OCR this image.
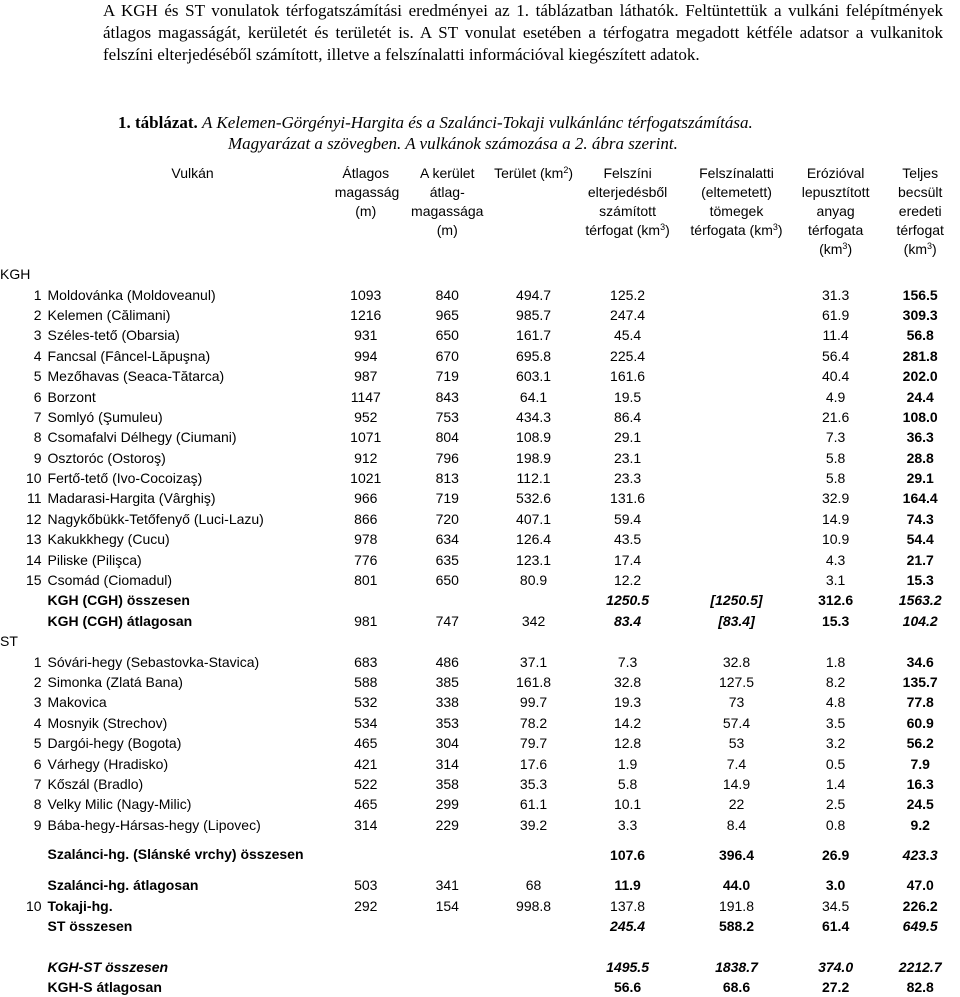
A KGH és ST vonulatok térfogatszámítási eredményei az 1. táblázatban láthatók. Feltüntettük a vulkáni felépítmények átlagos magasságát, kerületét és területét is. A ST vonulat esetében a térfogatra megadott kétféle adatsor a vulkanitok felszíni elterjedéséből számított, illetve a felszínalatti információval kiegészített adatok.

1. táblázat. A Kelemen-Görgényi-Hargita és a Szalánci-Tokaji vulkánlánc térfogatszámítása.
Magyarázat a szövegben. A vulkánok számozása a 2. ábra szerint.
Vulkán		Átlagos magasság (m)	A kerület átlag-magassága (m)	Terület $(km^2)$	Felszíni elterjedésből számított térfogat $(km^3)$	Felszínalatti (eltemetett) tömegek térfogata $(km^3)$	Erózióval lepusztított anyag térfogata $(km^3)$	Teljes becsült eredeti térfogat $(km^3)$

KGH								
1	Moldovánka (Moldoveanul)	1093	840	494.7	125.2		31.3	156.5
2	Kelemen (Călimani)	1216	965	985.7	247.4		61.9	309.3
3	Széles-tető (Obarsia)	931	650	161.7	45.4		11.4	56.8
4	Fancsal (Fâncel-Lăpuşna)	994	670	695.8	225.4		56.4	281.8
5	Mezőhavas (Seaca-Tătarca)	987	719	603.1	161.6		40.4	202.0
6	Borzont	1147	843	64.1	19.5		4.9	24.4
7	Somlyó (Şumuleu)	952	753	434.3	86.4		21.6	108.0
8	Csomafalvi Délhegy (Ciumani)	1071	804	108.9	29.1		7.3	36.3
9	Osztoróc (Ostoroş)	912	796	198.9	23.1		5.8	28.8
10	Fertő-tető (Ivo-Cocoizaş)	1021	813	112.1	23.3		5.8	29.1
11	Madarasi-Hargita (Vârghiş)	966	719	532.6	131.6		32.9	164.4
12	Nagykőbükk-Tetőfenyő (Luci-Lazu)	866	720	407.1	59.4		14.9	74.3
13	Kakukkhegy (Cucu)	978	634	126.4	43.5		10.9	54.4
14	Piliske (Pilişca)	776	635	123.1	17.4		4.3	21.7
15	Csomád (Ciomadul)	801	650	80.9	12.2		3.1	15.3
	KGH (CGH) összesen				1250.5	[1250.5]	312.6	1563.2
	KGH (CGH) átlagosan	981	747	342	83.4	[83.4]	15.3	104.2
ST								
1	Sóvári-hegy (Sebastovka-Stavica)	683	486	37.1	7.3	32.8	1.8	34.6
2	Simonka (Zlatá Bana)	588	385	161.8	32.8	127.5	8.2	135.7
3	Makovica	532	338	99.7	19.3	73	4.8	77.8
4	Mosnyik (Strechov)	534	353	78.2	14.2	57.4	3.5	60.9
5	Dargói-hegy (Bogota)	465	304	79.7	12.8	53	3.2	56.2
6	Várhegy (Hradisko)	421	314	17.6	1.9	7.4	0.5	7.9
7	Kőszál (Bradlo)	522	358	35.3	5.8	14.9	1.4	16.3
8	Velky Milic (Nagy-Milic)	465	299	61.1	10.1	22	2.5	24.5
9	Bába-hegy-Hársas-hegy (Lipovec)	314	229	39.2	3.3	8.4	0.8	9.2
	Szalánci-hg. (Slánské vrchy) összesen				107.6	396.4	26.9	423.3
	Szalánci-hg. átlagosan	503	341	68	11.9	44.0	3.0	47.0
10	Tokaji-hg.	292	154	998.8	137.8	191.8	34.5	226.2
	ST összesen				245.4	588.2	61.4	649.5

	KGH-ST összesen				1495.5	1838.7	374.0	2212.7
	KGH-S átlagosan				56.6	68.6	27.2	82.8
